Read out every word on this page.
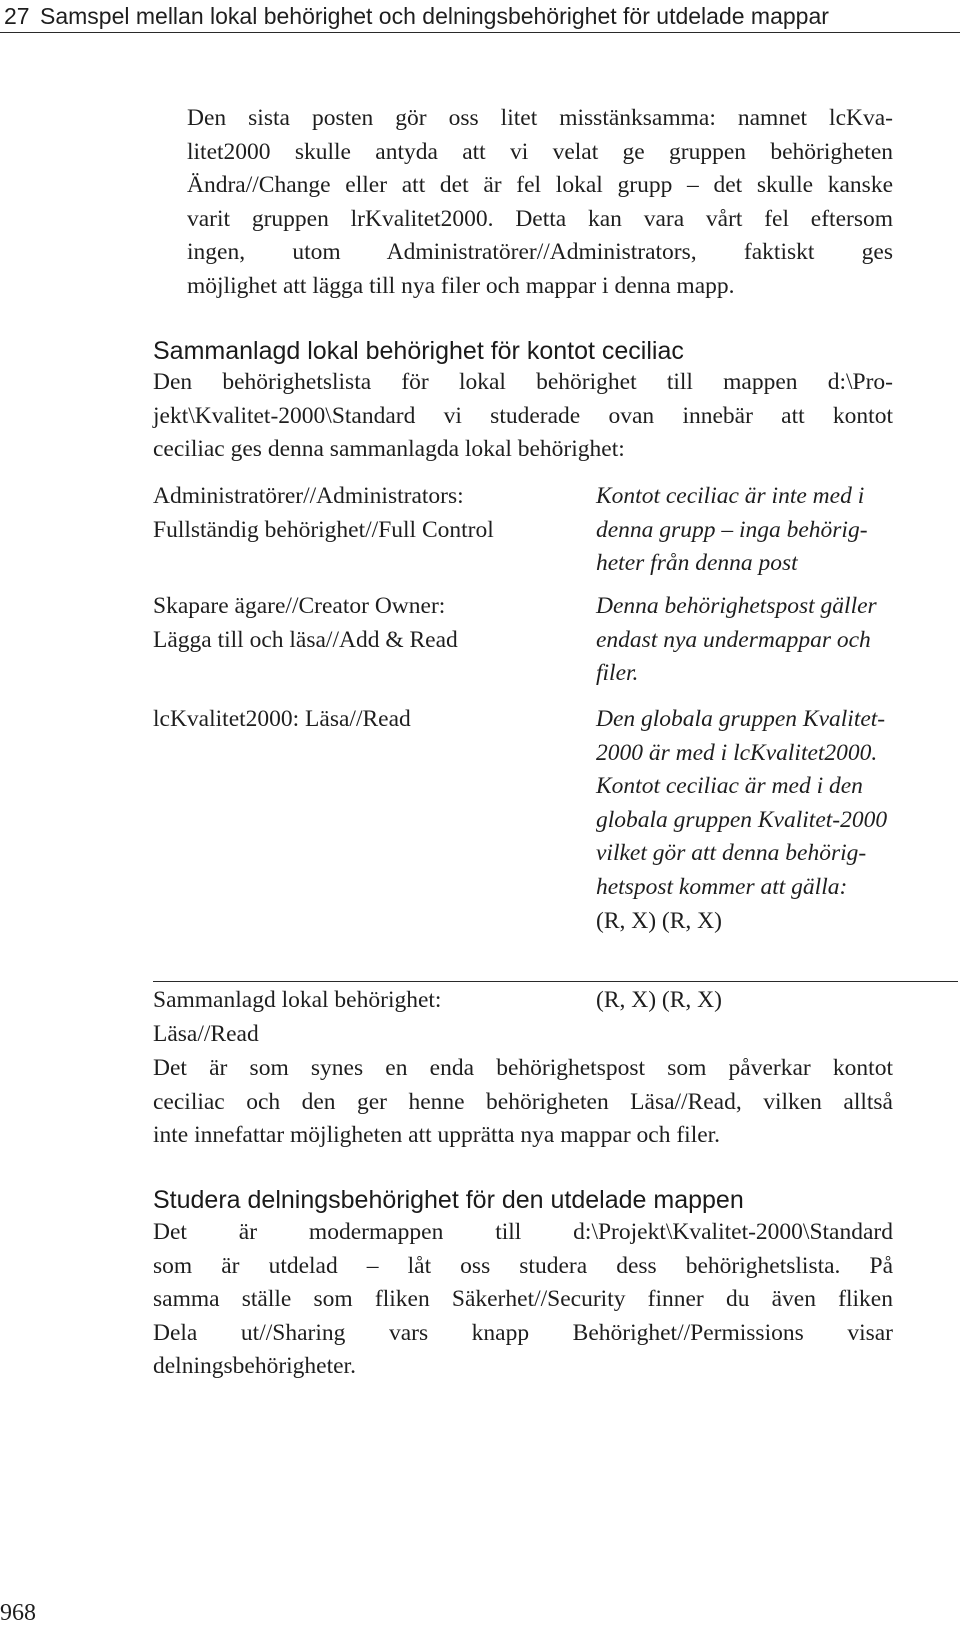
27 Samspel mellan lokal behörighet och delningsbehörighet för utdelade mappar
Den sista posten gör oss litet misstänksamma: namnet lcKva-
litet2000 skulle antyda att vi velat ge gruppen behörigheten
Ändra//Change eller att det är fel lokal grupp – det skulle kanske
varit gruppen lrKvalitet2000. Detta kan vara vårt fel eftersom
ingen, utom Administratörer//Administrators, faktiskt ges
möjlighet att lägga till nya filer och mappar i denna mapp.
Sammanlagd lokal behörighet för kontot ceciliac
Den behörighetslista för lokal behörighet till mappen d:\Pro-
jekt\Kvalitet-2000\Standard vi studerade ovan innebär att kontot
ceciliac ges denna sammanlagda lokal behörighet:
Administratörer//Administrators:
Fullständig behörighet//Full Control
Kontot ceciliac är inte med i
denna grupp – inga behörig-
heter från denna post
Skapare ägare//Creator Owner:
Lägga till och läsa//Add & Read
Denna behörighetspost gäller
endast nya undermappar och
filer.
lcKvalitet2000: Läsa//Read	Den globala gruppen Kvalitet-
2000 är med i lcKvalitet2000.
Kontot ceciliac är med i den
globala gruppen Kvalitet-2000
vilket gör att denna behörig-
hetspost kommer att gälla:
(R, X) (R, X)
Sammanlagd lokal behörighet:
Läsa//Read
(R, X) (R, X)
Det är som synes en enda behörighetspost som påverkar kontot
ceciliac och den ger henne behörigheten Läsa//Read, vilken alltså
inte innefattar möjligheten att upprätta nya mappar och filer.
Studera delningsbehörighet för den utdelade mappen
Det är modermappen till d:\Projekt\Kvalitet-2000\Standard
som är utdelad – låt oss studera dess behörighetslista. På
samma ställe som fliken Säkerhet//Security finner du även fliken
Dela ut//Sharing vars knapp Behörighet//Permissions visar
delningsbehörigheter.
968
